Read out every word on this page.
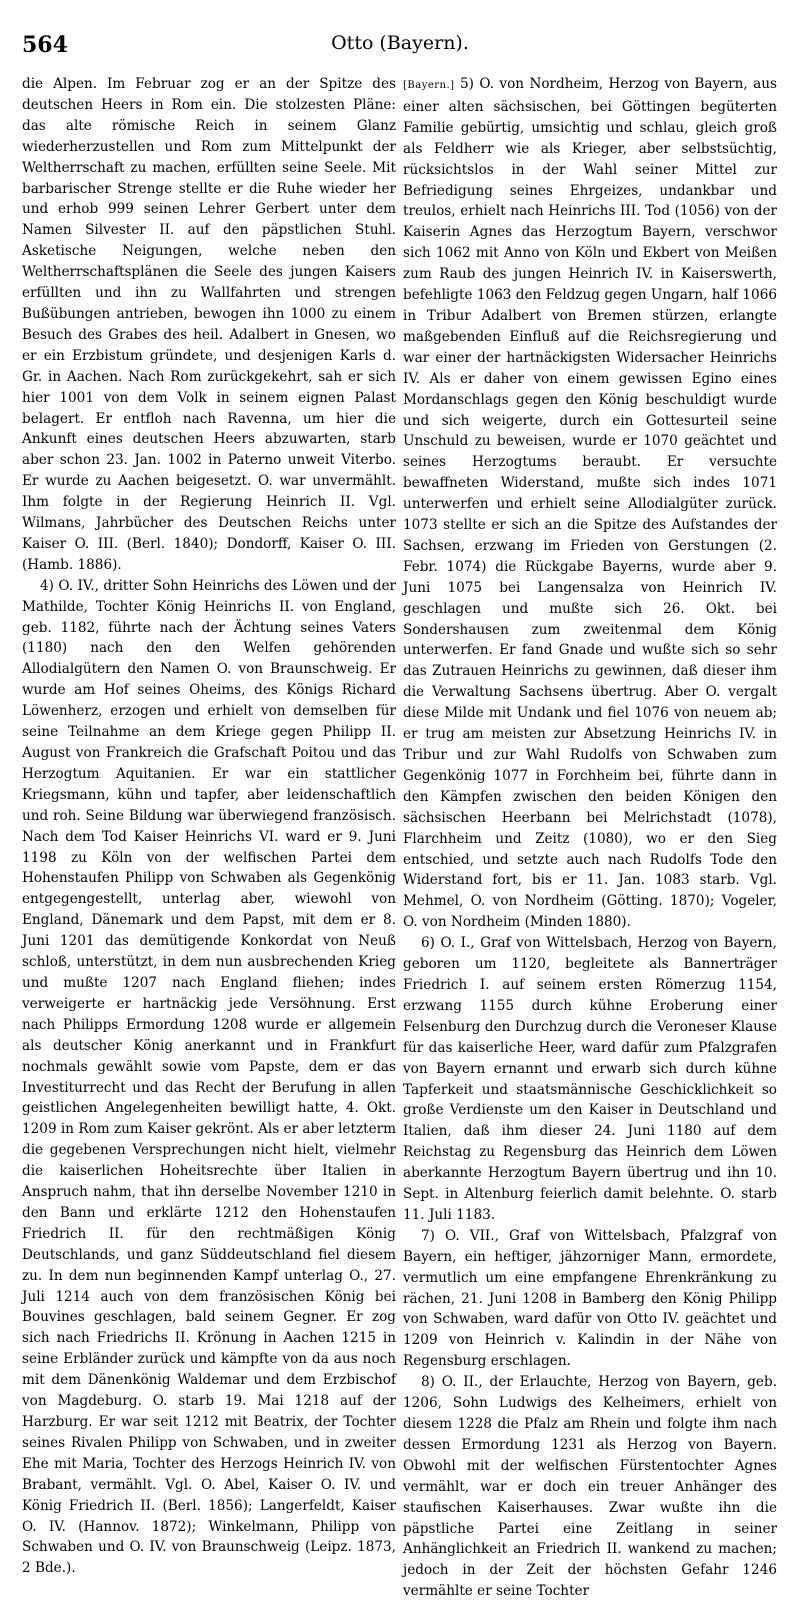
564	Otto (Bayern).

die Alpen. Im Februar zog er an der Spitze des deutschen Heers in Rom ein. Die stolzesten Pläne: das alte römische Reich in seinem Glanz wiederherzustellen und Rom zum Mittelpunkt der Weltherrschaft zu machen, erfüllten seine Seele. Mit barbarischer Strenge stellte er die Ruhe wieder her und erhob 999 seinen Lehrer Gerbert unter dem Namen Silvester II. auf den päpstlichen Stuhl. Asketische Neigungen, welche neben den Weltherrschaftsplänen die Seele des jungen Kaisers erfüllten und ihn zu Wallfahrten und strengen Bußübungen antrieben, bewogen ihn 1000 zu einem Besuch des Grabes des heil. Adalbert in Gnesen, wo er ein Erzbistum gründete, und desjenigen Karls d. Gr. in Aachen. Nach Rom zurückgekehrt, sah er sich hier 1001 von dem Volk in seinem eignen Palast belagert. Er entfloh nach Ravenna, um hier die Ankunft eines deutschen Heers abzuwarten, starb aber schon 23. Jan. 1002 in Paterno unweit Viterbo. Er wurde zu Aachen beigesetzt. O. war unvermählt. Ihm folgte in der Regierung Heinrich II. Vgl. Wilmans, Jahrbücher des Deutschen Reichs unter Kaiser O. III. (Berl. 1840); Dondorff, Kaiser O. III. (Hamb. 1886).

4) O. IV., dritter Sohn Heinrichs des Löwen und der Mathilde, Tochter König Heinrichs II. von England, geb. 1182, führte nach der Ächtung seines Vaters (1180) nach den den Welfen gehörenden Allodialgütern den Namen O. von Braunschweig. Er wurde am Hof seines Oheims, des Königs Richard Löwenherz, erzogen und erhielt von demselben für seine Teilnahme an dem Kriege gegen Philipp II. August von Frankreich die Grafschaft Poitou und das Herzogtum Aquitanien. Er war ein stattlicher Kriegsmann, kühn und tapfer, aber leidenschaftlich und roh. Seine Bildung war überwiegend französisch. Nach dem Tod Kaiser Heinrichs VI. ward er 9. Juni 1198 zu Köln von der welfischen Partei dem Hohenstaufen Philipp von Schwaben als Gegenkönig entgegengestellt, unterlag aber, wiewohl von England, Dänemark und dem Papst, mit dem er 8. Juni 1201 das demütigende Konkordat von Neuß schloß, unterstützt, in dem nun ausbrechenden Krieg und mußte 1207 nach England fliehen; indes verweigerte er hartnäckig jede Versöhnung. Erst nach Philipps Ermordung 1208 wurde er allgemein als deutscher König anerkannt und in Frankfurt nochmals gewählt sowie vom Papste, dem er das Investiturrecht und das Recht der Berufung in allen geistlichen Angelegenheiten bewilligt hatte, 4. Okt. 1209 in Rom zum Kaiser gekrönt. Als er aber letzterm die gegebenen Versprechungen nicht hielt, vielmehr die kaiserlichen Hoheitsrechte über Italien in Anspruch nahm, that ihn derselbe November 1210 in den Bann und erklärte 1212 den Hohenstaufen Friedrich II. für den rechtmäßigen König Deutschlands, und ganz Süddeutschland fiel diesem zu. In dem nun beginnenden Kampf unterlag O., 27. Juli 1214 auch von dem französischen König bei Bouvines geschlagen, bald seinem Gegner. Er zog sich nach Friedrichs II. Krönung in Aachen 1215 in seine Erbländer zurück und kämpfte von da aus noch mit dem Dänenkönig Waldemar und dem Erzbischof von Magdeburg. O. starb 19. Mai 1218 auf der Harzburg. Er war seit 1212 mit Beatrix, der Tochter seines Rivalen Philipp von Schwaben, und in zweiter Ehe mit Maria, Tochter des Herzogs Heinrich IV. von Brabant, vermählt. Vgl. O. Abel, Kaiser O. IV. und König Friedrich II. (Berl. 1856); Langerfeldt, Kaiser O. IV. (Hannov. 1872); Winkelmann, Philipp von Schwaben und O. IV. von Braunschweig (Leipz. 1873, 2 Bde.).

[Bayern.] 5) O. von Nordheim, Herzog von Bayern, aus einer alten sächsischen, bei Göttingen begüterten Familie gebürtig, umsichtig und schlau, gleich groß als Feldherr wie als Krieger, aber selbstsüchtig, rücksichtslos in der Wahl seiner Mittel zur Befriedigung seines Ehrgeizes, undankbar und treulos, erhielt nach Heinrichs III. Tod (1056) von der Kaiserin Agnes das Herzogtum Bayern, verschwor sich 1062 mit Anno von Köln und Ekbert von Meißen zum Raub des jungen Heinrich IV. in Kaiserswerth, befehligte 1063 den Feldzug gegen Ungarn, half 1066 in Tribur Adalbert von Bremen stürzen, erlangte maßgebenden Einfluß auf die Reichsregierung und war einer der hartnäckigsten Widersacher Heinrichs IV. Als er daher von einem gewissen Egino eines Mordanschlags gegen den König beschuldigt wurde und sich weigerte, durch ein Gottesurteil seine Unschuld zu beweisen, wurde er 1070 geächtet und seines Herzogtums beraubt. Er versuchte bewaffneten Widerstand, mußte sich indes 1071 unterwerfen und erhielt seine Allodialgüter zurück. 1073 stellte er sich an die Spitze des Aufstandes der Sachsen, erzwang im Frieden von Gerstungen (2. Febr. 1074) die Rückgabe Bayerns, wurde aber 9. Juni 1075 bei Langensalza von Heinrich IV. geschlagen und mußte sich 26. Okt. bei Sondershausen zum zweitenmal dem König unterwerfen. Er fand Gnade und wußte sich so sehr das Zutrauen Heinrichs zu gewinnen, daß dieser ihm die Verwaltung Sachsens übertrug. Aber O. vergalt diese Milde mit Undank und fiel 1076 von neuem ab; er trug am meisten zur Absetzung Heinrichs IV. in Tribur und zur Wahl Rudolfs von Schwaben zum Gegenkönig 1077 in Forchheim bei, führte dann in den Kämpfen zwischen den beiden Königen den sächsischen Heerbann bei Melrichstadt (1078), Flarchheim und Zeitz (1080), wo er den Sieg entschied, und setzte auch nach Rudolfs Tode den Widerstand fort, bis er 11. Jan. 1083 starb. Vgl. Mehmel, O. von Nordheim (Götting. 1870); Vogeler, O. von Nordheim (Minden 1880).

6) O. I., Graf von Wittelsbach, Herzog von Bayern, geboren um 1120, begleitete als Bannerträger Friedrich I. auf seinem ersten Römerzug 1154, erzwang 1155 durch kühne Eroberung einer Felsenburg den Durchzug durch die Veroneser Klause für das kaiserliche Heer, ward dafür zum Pfalzgrafen von Bayern ernannt und erwarb sich durch kühne Tapferkeit und staatsmännische Geschicklichkeit so große Verdienste um den Kaiser in Deutschland und Italien, daß ihm dieser 24. Juni 1180 auf dem Reichstag zu Regensburg das Heinrich dem Löwen aberkannte Herzogtum Bayern übertrug und ihn 10. Sept. in Altenburg feierlich damit belehnte. O. starb 11. Juli 1183.

7) O. VII., Graf von Wittelsbach, Pfalzgraf von Bayern, ein heftiger, jähzorniger Mann, ermordete, vermutlich um eine empfangene Ehrenkränkung zu rächen, 21. Juni 1208 in Bamberg den König Philipp von Schwaben, ward dafür von Otto IV. geächtet und 1209 von Heinrich v. Kalindin in der Nähe von Regensburg erschlagen.

8) O. II., der Erlauchte, Herzog von Bayern, geb. 1206, Sohn Ludwigs des Kelheimers, erhielt von diesem 1228 die Pfalz am Rhein und folgte ihm nach dessen Ermordung 1231 als Herzog von Bayern. Obwohl mit der welfischen Fürstentochter Agnes vermählt, war er doch ein treuer Anhänger des staufischen Kaiserhauses. Zwar wußte ihn die päpstliche Partei eine Zeitlang in seiner Anhänglichkeit an Friedrich II. wankend zu machen; jedoch in der Zeit der höchsten Gefahr 1246 vermählte er seine Tochter
